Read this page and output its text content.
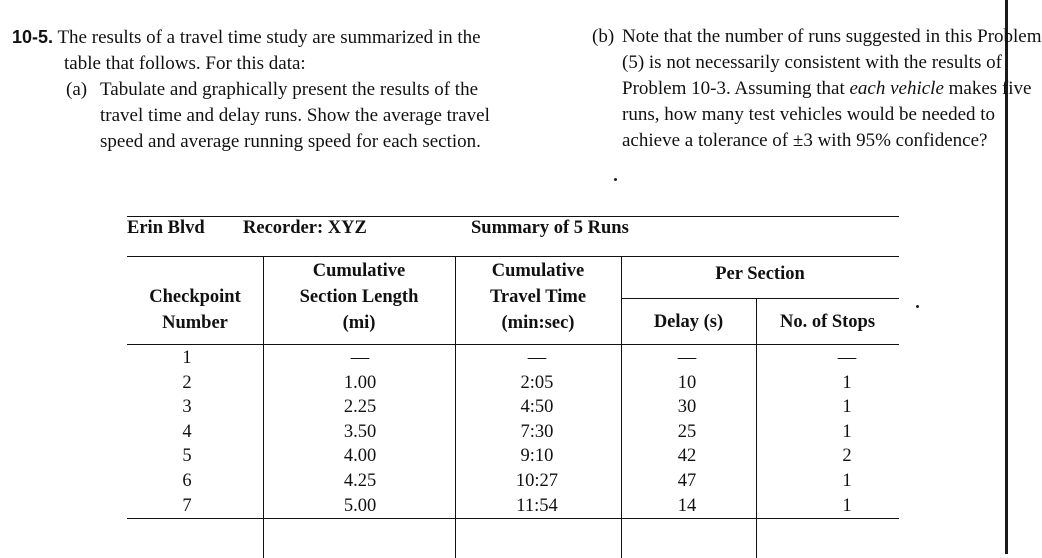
10-5. The results of a travel time study are summarized in the
table that follows. For this data:
(a) Tabulate and graphically present the results of the
travel time and delay runs. Show the average travel
speed and average running speed for each section.
(b) Note that the number of runs suggested in this Problem
(5) is not necessarily consistent with the results of
Problem 10-3. Assuming that each vehicle makes five
runs, how many test vehicles would be needed to
achieve a tolerance of ±3 with 95% confidence?
Erin Blvd Recorder: XYZ	Summary of 5 Runs
Checkpoint
Number
Cumulative
Section Length
(mi)
Cumulative
Travel Time
(min:sec)
Per Section
Delay (s)	No. of Stops
1
2
3
4
5
6
7
—
1.00
2.25
3.50
4.00
4.25
5.00
—
2:05
4:50
7:30
9:10
10:27
11:54
—
10
30
25
42
47
14
—
1
1
1
2
1
1
